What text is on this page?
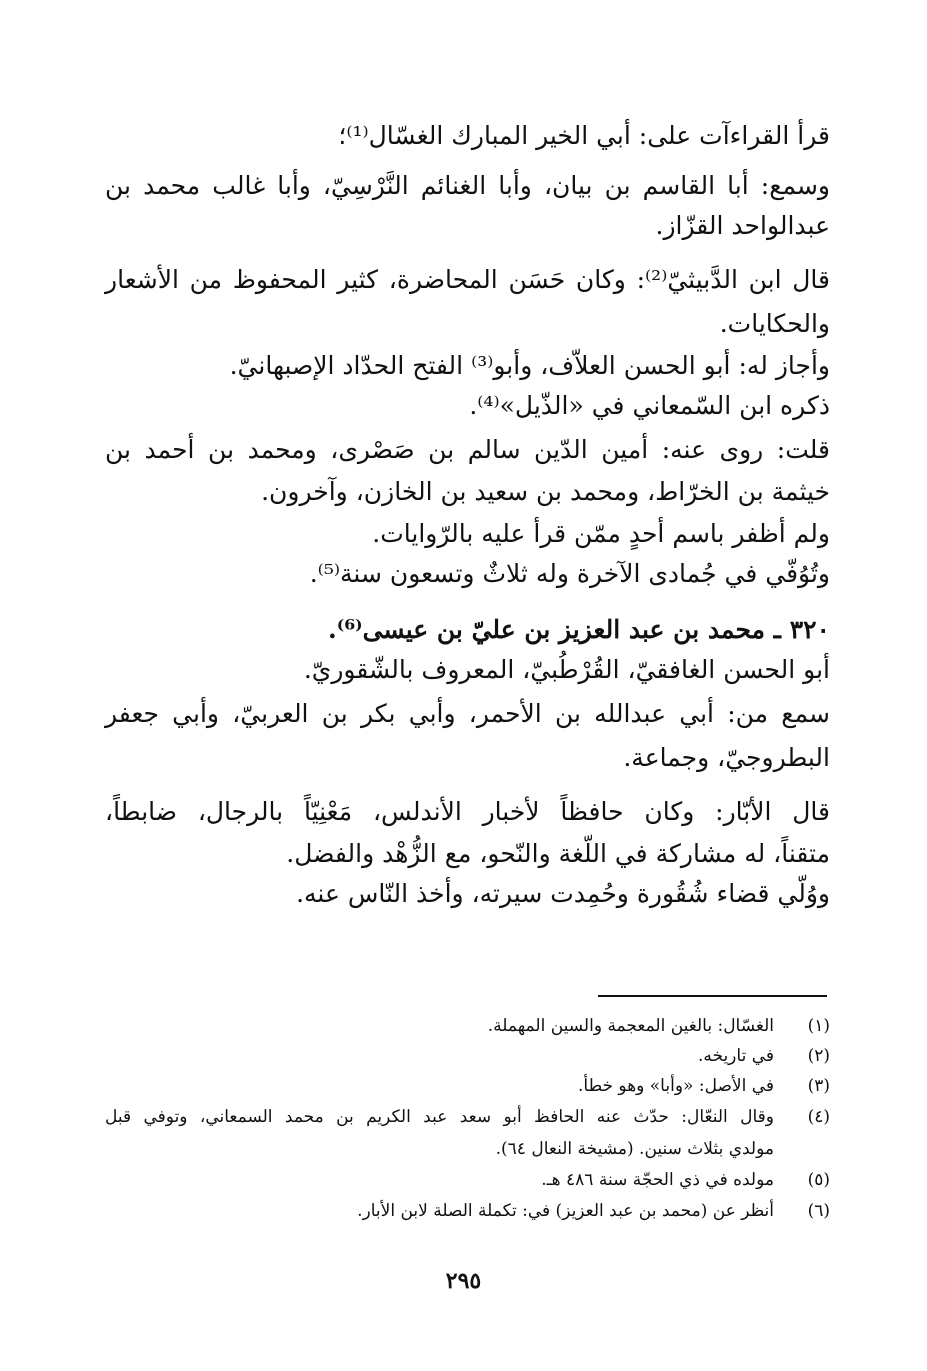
قرأ القراءآت على: أبي الخير المبارك الغسّال⁽¹⁾؛
وسمع: أبا القاسم بن بيان، وأبا الغنائم النَّرْسِيّ، وأبا غالب محمد بن
عبدالواحد القزّاز.
قال ابن الدَّبيثيّ⁽²⁾: وكان حَسَن المحاضرة، كثير المحفوظ من الأشعار
والحكايات.
وأجاز له: أبو الحسن العلاّف، وأبو⁽³⁾ الفتح الحدّاد الإصبهانيّ.
ذكره ابن السّمعاني في «الذّيل»⁽⁴⁾.
قلت: روى عنه: أمين الدّين سالم بن صَصْرى، ومحمد بن أحمد بن
خيثمة بن الخرّاط، ومحمد بن سعيد بن الخازن، وآخرون.
ولم أظفر باسم أحدٍ ممّن قرأ عليه بالرّوايات.
وتُوُفّي في جُمادى الآخرة وله ثلاثٌ وتسعون سنة⁽⁵⁾.
٣٢٠ ـ محمد بن عبد العزيز بن عليّ بن عيسى⁽⁶⁾.
أبو الحسن الغافقيّ، القُرْطُبيّ، المعروف بالشّقوريّ.
سمع من: أبي عبدالله بن الأحمر، وأبي بكر بن العربيّ، وأبي جعفر
البطروجيّ، وجماعة.
قال الأبّار: وكان حافظاً لأخبار الأندلس، مَعْنِيّاً بالرجال، ضابطاً،
متقناً، له مشاركة في اللّغة والنّحو، مع الزُّهْد والفضل.
ووُلّي قضاء شُقُورة وحُمِدت سيرته، وأخذ النّاس عنه.
(١)
الغسّال: بالغين المعجمة والسين المهملة.
(٢)
في تاريخه.
(٣)
في الأصل: «وأبا» وهو خطأ.
(٤)
وقال النعّال: حدّث عنه الحافظ أبو سعد عبد الكريم بن محمد السمعاني، وتوفي قبل
مولدي بثلاث سنين. (مشيخة النعال ٦٤).
(٥)
مولده في ذي الحجّة سنة ٤٨٦ هـ.
(٦)
أنظر عن (محمد بن عبد العزيز) في: تكملة الصلة لابن الأبار.
٢٩٥
